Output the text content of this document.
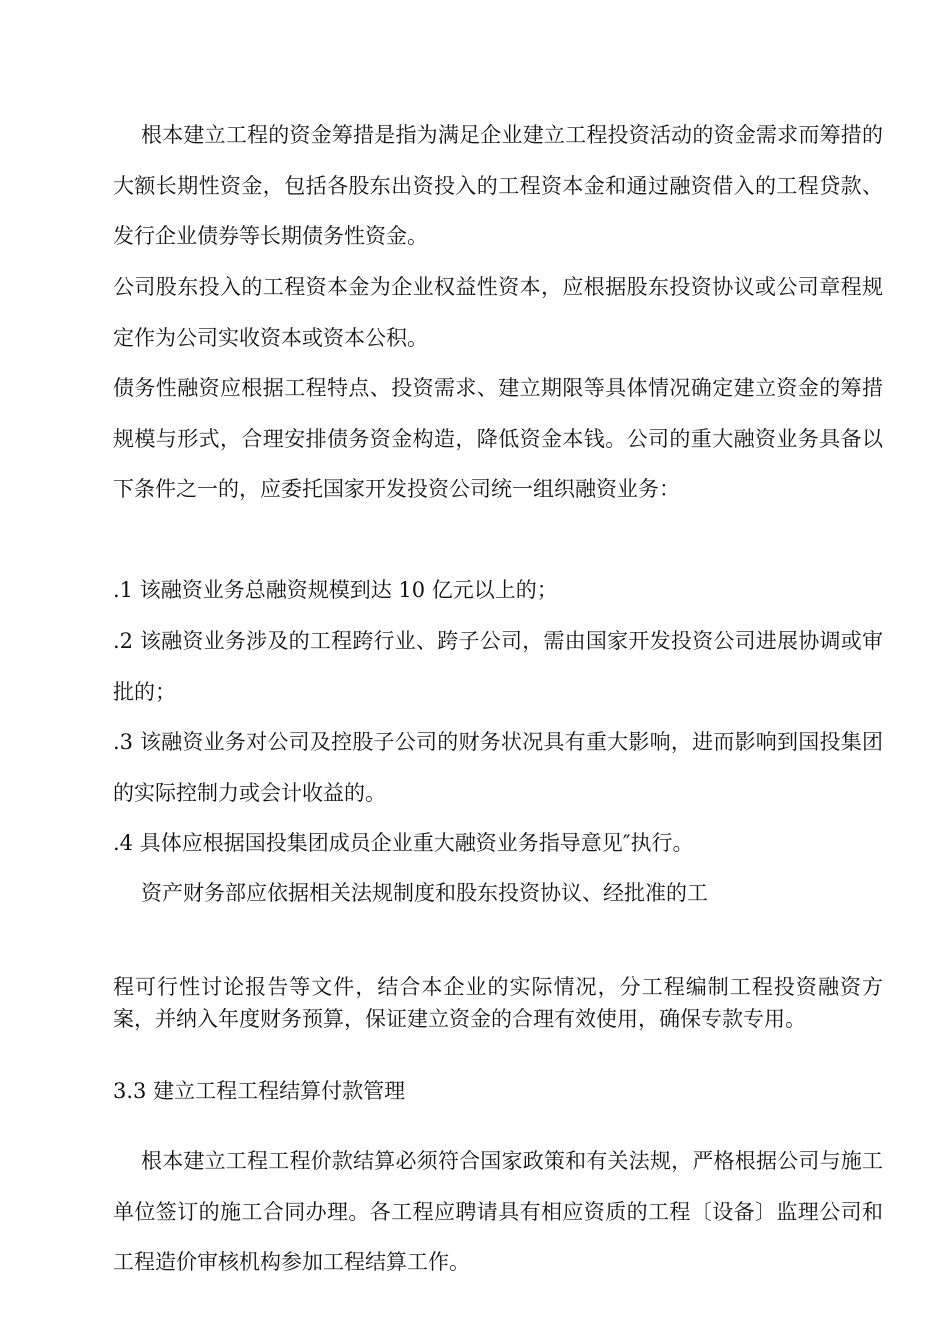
根本建立工程的资金筹措是指为满足企业建立工程投资活动的资金需求而筹措的大额长期性资金，包括各股东出资投入的工程资本金和通过融资借入的工程贷款、发行企业债券等长期债务性资金。

公司股东投入的工程资本金为企业权益性资本，应根据股东投资协议或公司章程规定作为公司实收资本或资本公积。

债务性融资应根据工程特点、投资需求、建立期限等具体情况确定建立资金的筹措规模与形式，合理安排债务资金构造，降低资金本钱。公司的重大融资业务具备以下条件之一的，应委托国家开发投资公司统一组织融资业务：

.1 该融资业务总融资规模到达 10 亿元以上的；

.2 该融资业务涉及的工程跨行业、跨子公司，需由国家开发投资公司进展协调或审批的；

.3 该融资业务对公司及控股子公司的财务状况具有重大影响，进而影响到国投集团的实际控制力或会计收益的。

.4 具体应根据国投集团成员企业重大融资业务指导意见″执行。

资产财务部应依据相关法规制度和股东投资协议、经批准的工

程可行性讨论报告等文件，结合本企业的实际情况，分工程编制工程投资融资方案，并纳入年度财务预算，保证建立资金的合理有效使用，确保专款专用。

3.3 建立工程工程结算付款管理

根本建立工程工程价款结算必须符合国家政策和有关法规，严格根据公司与施工单位签订的施工合同办理。各工程应聘请具有相应资质的工程〔设备〕监理公司和工程造价审核机构参加工程结算工作。
